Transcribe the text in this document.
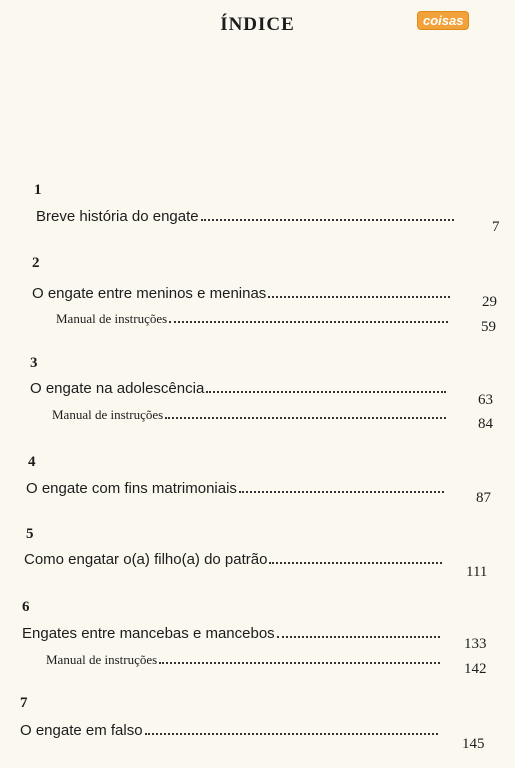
ÍNDICE	coisas
1
Breve história do engate
7
2
O engate entre meninos e meninas	29
Manual de instruções
59
3
O engate na adolescência
63
Manual de instruções
84
4
O engate com fins matrimoniais
87
5
Como engatar o(a) filho(a) do patrão
111
6
Engates entre mancebas e mancebos
133
Manual de instruções
142
7
O engate em falso
145
